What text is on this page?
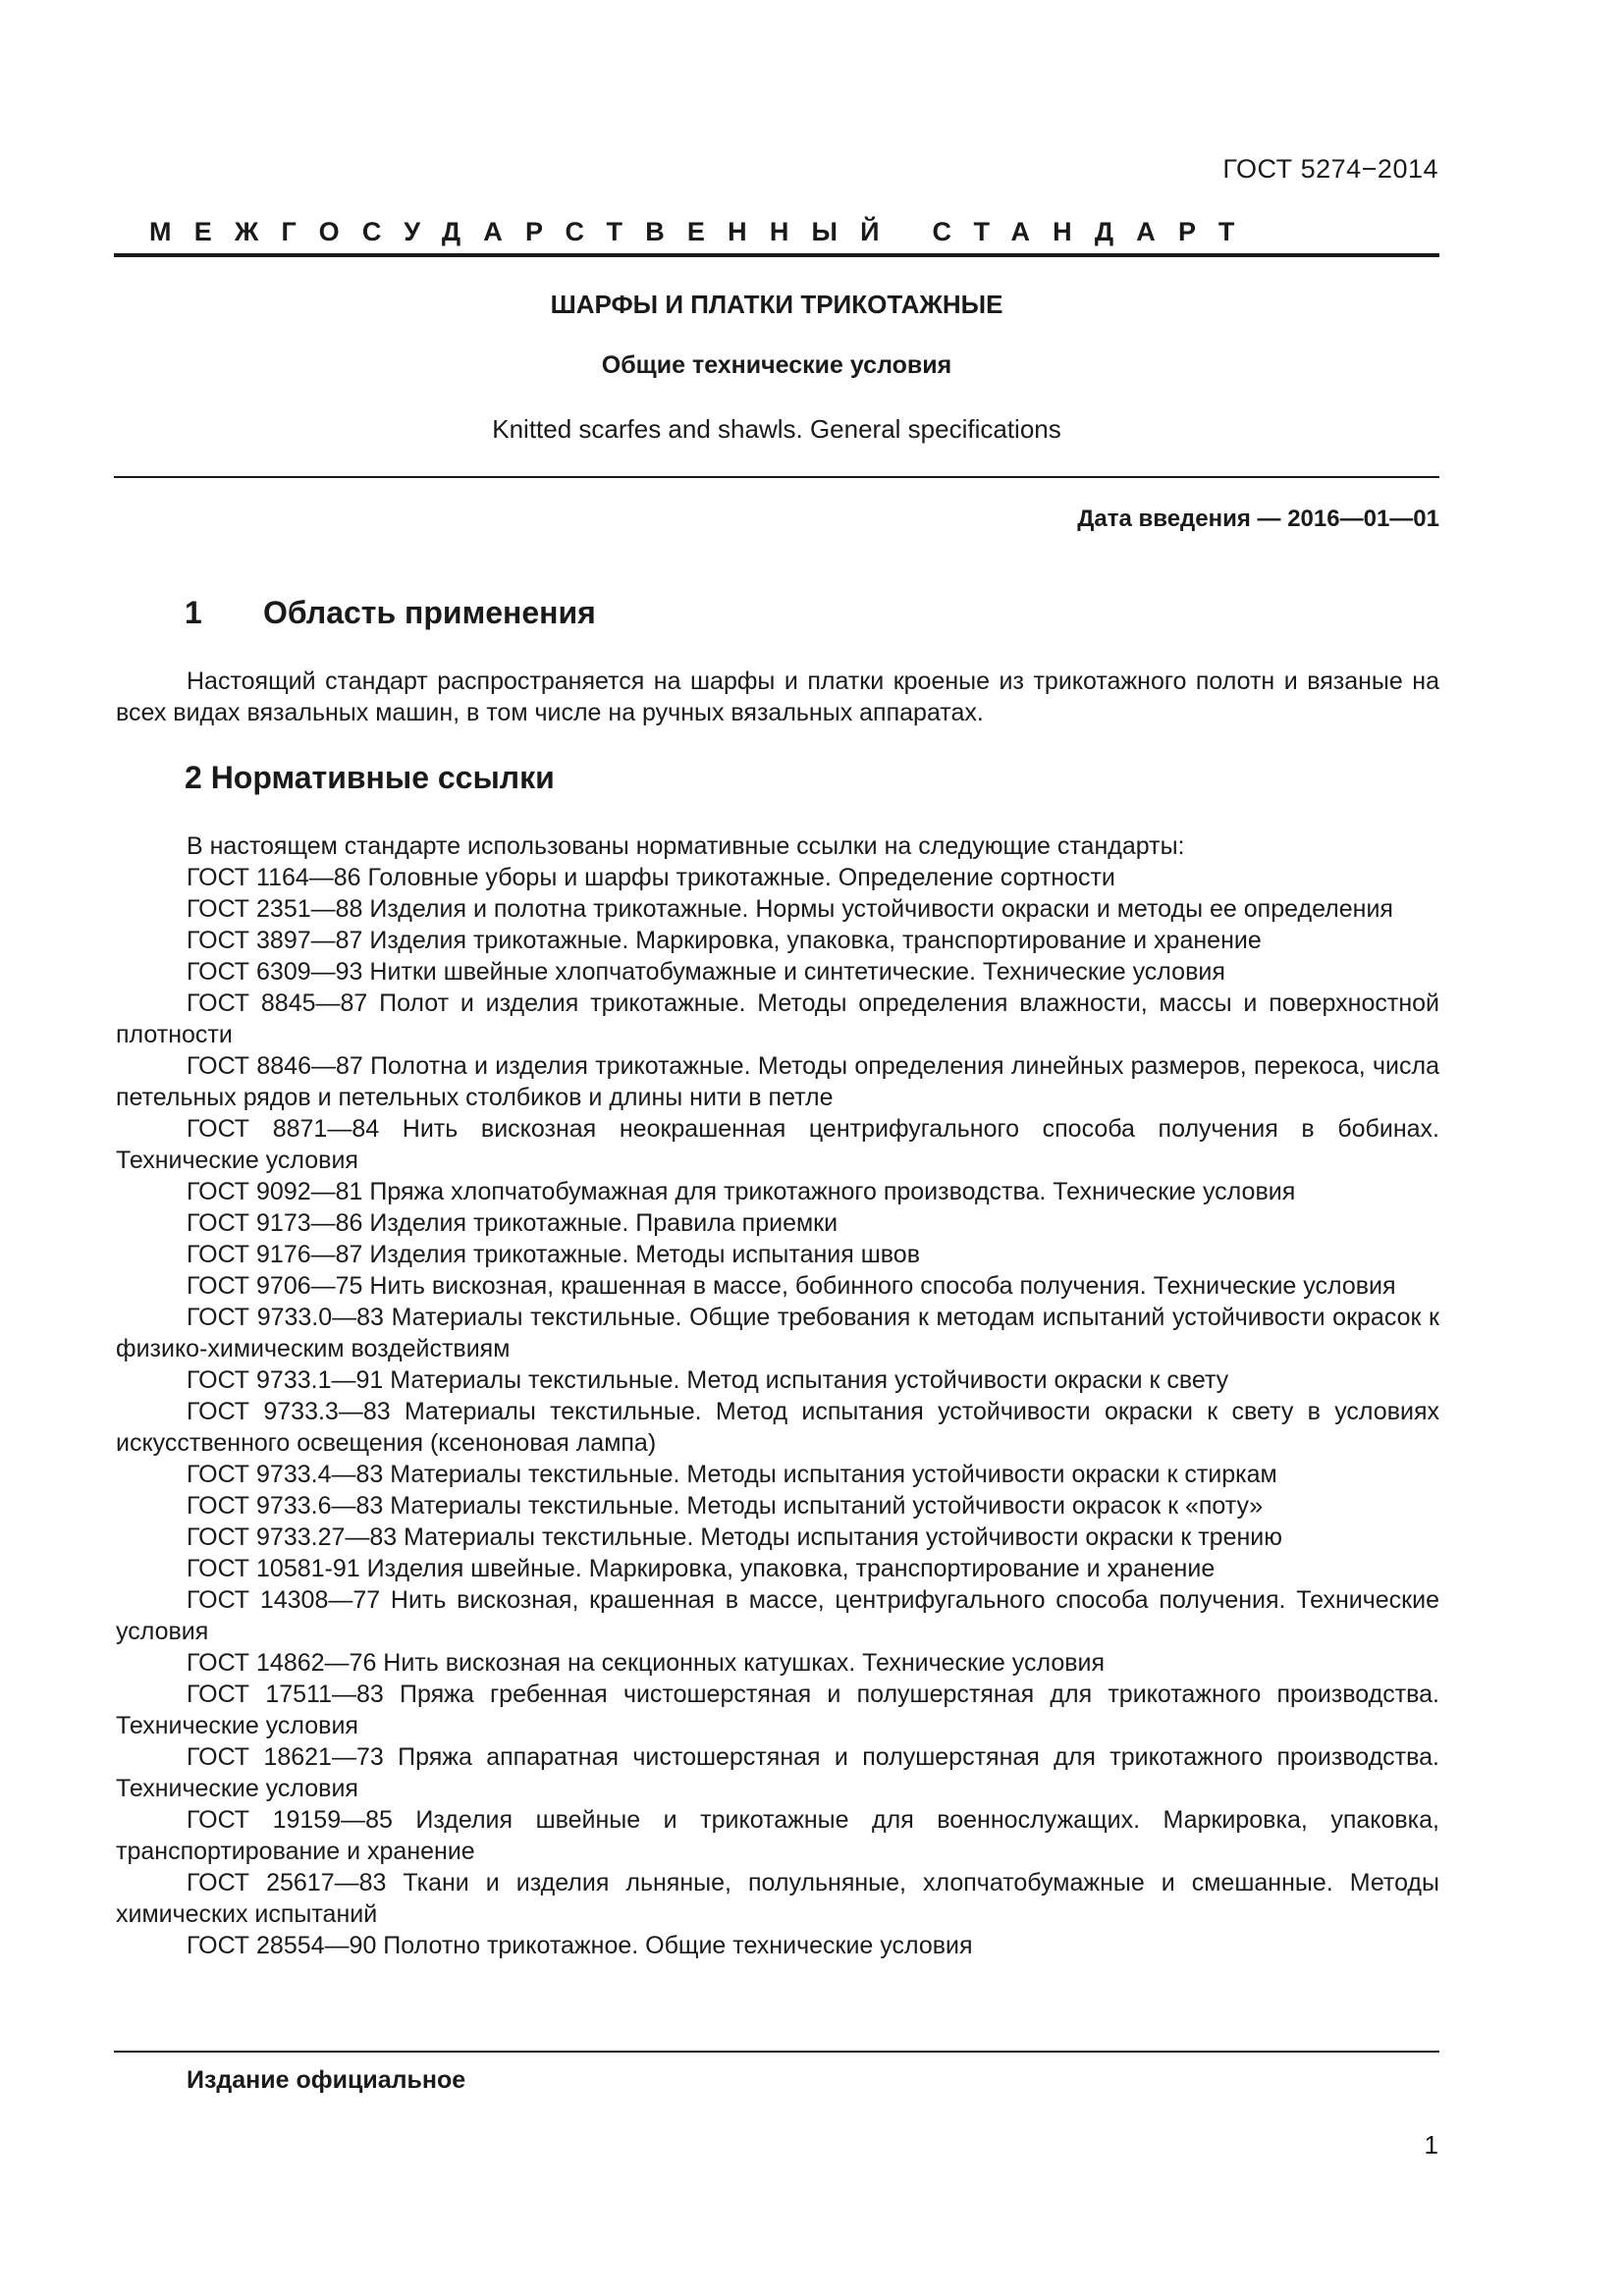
ГОСТ 5274−2014
МЕЖГОСУДАРСТВЕННЫЙ СТАНДАРТ
ШАРФЫ И ПЛАТКИ ТРИКОТАЖНЫЕ
Общие технические условия
Knitted scarfes and shawls. General specifications
Дата введения — 2016—01—01
1 Область применения

Настоящий стандарт распространяется на шарфы и платки кроеные из трикотажного полотн и вязаные на всех видах вязальных машин, в том числе на ручных вязальных аппаратах.

2 Нормативные ссылки

В настоящем стандарте использованы нормативные ссылки на следующие стандарты:

ГОСТ 1164—86 Головные уборы и шарфы трикотажные. Определение сортности

ГОСТ 2351—88 Изделия и полотна трикотажные. Нормы устойчивости окраски и методы ее определения

ГОСТ 3897—87 Изделия трикотажные. Маркировка, упаковка, транспортирование и хранение

ГОСТ 6309—93 Нитки швейные хлопчатобумажные и синтетические. Технические условия

ГОСТ 8845—87 Полот и изделия трикотажные. Методы определения влажности, массы и поверхностной плотности

ГОСТ 8846—87 Полотна и изделия трикотажные. Методы определения линейных размеров, перекоса, числа петельных рядов и петельных столбиков и длины нити в петле

ГОСТ 8871—84 Нить вискозная неокрашенная центрифугального способа получения в бобинах. Технические условия

ГОСТ 9092—81 Пряжа хлопчатобумажная для трикотажного производства. Технические условия

ГОСТ 9173—86 Изделия трикотажные. Правила приемки

ГОСТ 9176—87 Изделия трикотажные. Методы испытания швов

ГОСТ 9706—75 Нить вискозная, крашенная в массе, бобинного способа получения. Технические условия

ГОСТ 9733.0—83 Материалы текстильные. Общие требования к методам испытаний устойчивости окрасок к физико-химическим воздействиям

ГОСТ 9733.1—91 Материалы текстильные. Метод испытания устойчивости окраски к свету

ГОСТ 9733.3—83 Материалы текстильные. Метод испытания устойчивости окраски к свету в условиях искусственного освещения (ксеноновая лампа)

ГОСТ 9733.4—83 Материалы текстильные. Методы испытания устойчивости окраски к стиркам

ГОСТ 9733.6—83 Материалы текстильные. Методы испытаний устойчивости окрасок к «поту»

ГОСТ 9733.27—83 Материалы текстильные. Методы испытания устойчивости окраски к трению

ГОСТ 10581-91 Изделия швейные. Маркировка, упаковка, транспортирование и хранение

ГОСТ 14308—77 Нить вискозная, крашенная в массе, центрифугального способа получения. Технические условия

ГОСТ 14862—76 Нить вискозная на секционных катушках. Технические условия

ГОСТ 17511—83 Пряжа гребенная чистошерстяная и полушерстяная для трикотажного производства. Технические условия

ГОСТ 18621—73 Пряжа аппаратная чистошерстяная и полушерстяная для трикотажного производства. Технические условия

ГОСТ 19159—85 Изделия швейные и трикотажные для военнослужащих. Маркировка, упаковка, транспортирование и хранение

ГОСТ 25617—83 Ткани и изделия льняные, полульняные, хлопчатобумажные и смешанные. Методы химических испытаний

ГОСТ 28554—90 Полотно трикотажное. Общие технические условия

Издание официальное
1
